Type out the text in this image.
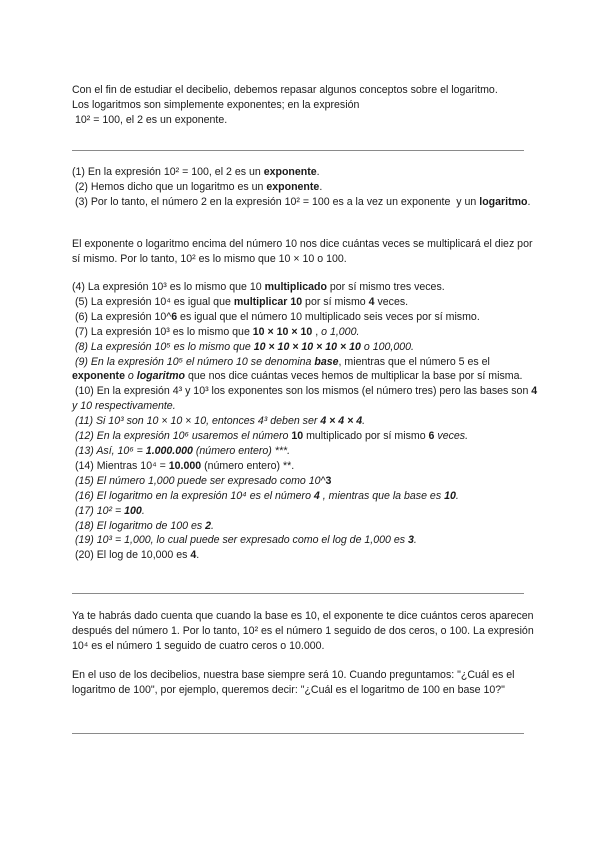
Con el fin de estudiar el decibelio, debemos repasar algunos conceptos sobre el logaritmo.

Los logaritmos son simplemente exponentes; en la expresión

10² = 100, el 2 es un exponente.

(1) En la expresión 10² = 100, el 2 es un exponente.

(2) Hemos dicho que un logaritmo es un exponente.

(3) Por lo tanto, el número 2 en la expresión 10² = 100 es a la vez un exponente  y un logaritmo.

El exponente o logaritmo encima del número 10 nos dice cuántas veces se multiplicará el diez por sí mismo. Por lo tanto, 10² es lo mismo que 10 × 10 o 100.

(4) La expresión 10³ es lo mismo que 10 multiplicado por sí mismo tres veces.

(5) La expresión 10⁴ es igual que multiplicar 10 por sí mismo 4 veces.

(6) La expresión 10^6 es igual que el número 10 multiplicado seis veces por sí mismo.

(7) La expresión 10³ es lo mismo que 10 × 10 × 10 , o 1,000.

(8) La expresión 10⁵ es lo mismo que 10 × 10 × 10 × 10 × 10 o 100,000.

(9) En la expresión 10⁵ el número 10 se denomina base, mientras que el número 5 es el exponente o logaritmo que nos dice cuántas veces hemos de multiplicar la base por sí misma.

(10) En la expresión 4³ y 10³ los exponentes son los mismos (el número tres) pero las bases son 4 y 10 respectivamente.

(11) Si 10³ son 10 × 10 × 10, entonces 4³ deben ser 4 × 4 × 4.

(12) En la expresión 10⁶ usaremos el número 10 multiplicado por sí mismo 6 veces.

(13) Así, 10⁶ = 1.000.000 (número entero) ***.

(14) Mientras 10⁴ = 10.000 (número entero) **.

(15) El número 1,000 puede ser expresado como 10^3

(16) El logaritmo en la expresión 10⁴ es el número 4 , mientras que la base es 10.

(17) 10² = 100.

(18) El logaritmo de 100 es 2.

(19) 10³ = 1,000, lo cual puede ser expresado como el log de 1,000 es 3.

(20) El log de 10,000 es 4.

Ya te habrás dado cuenta que cuando la base es 10, el exponente te dice cuántos ceros aparecen después del número 1. Por lo tanto, 10² es el número 1 seguido de dos ceros, o 100. La expresión 10⁴ es el número 1 seguido de cuatro ceros o 10.000.

En el uso de los decibelios, nuestra base siempre será 10. Cuando preguntamos: "¿Cuál es el logaritmo de 100", por ejemplo, queremos decir: "¿Cuál es el logaritmo de 100 en base 10?"
